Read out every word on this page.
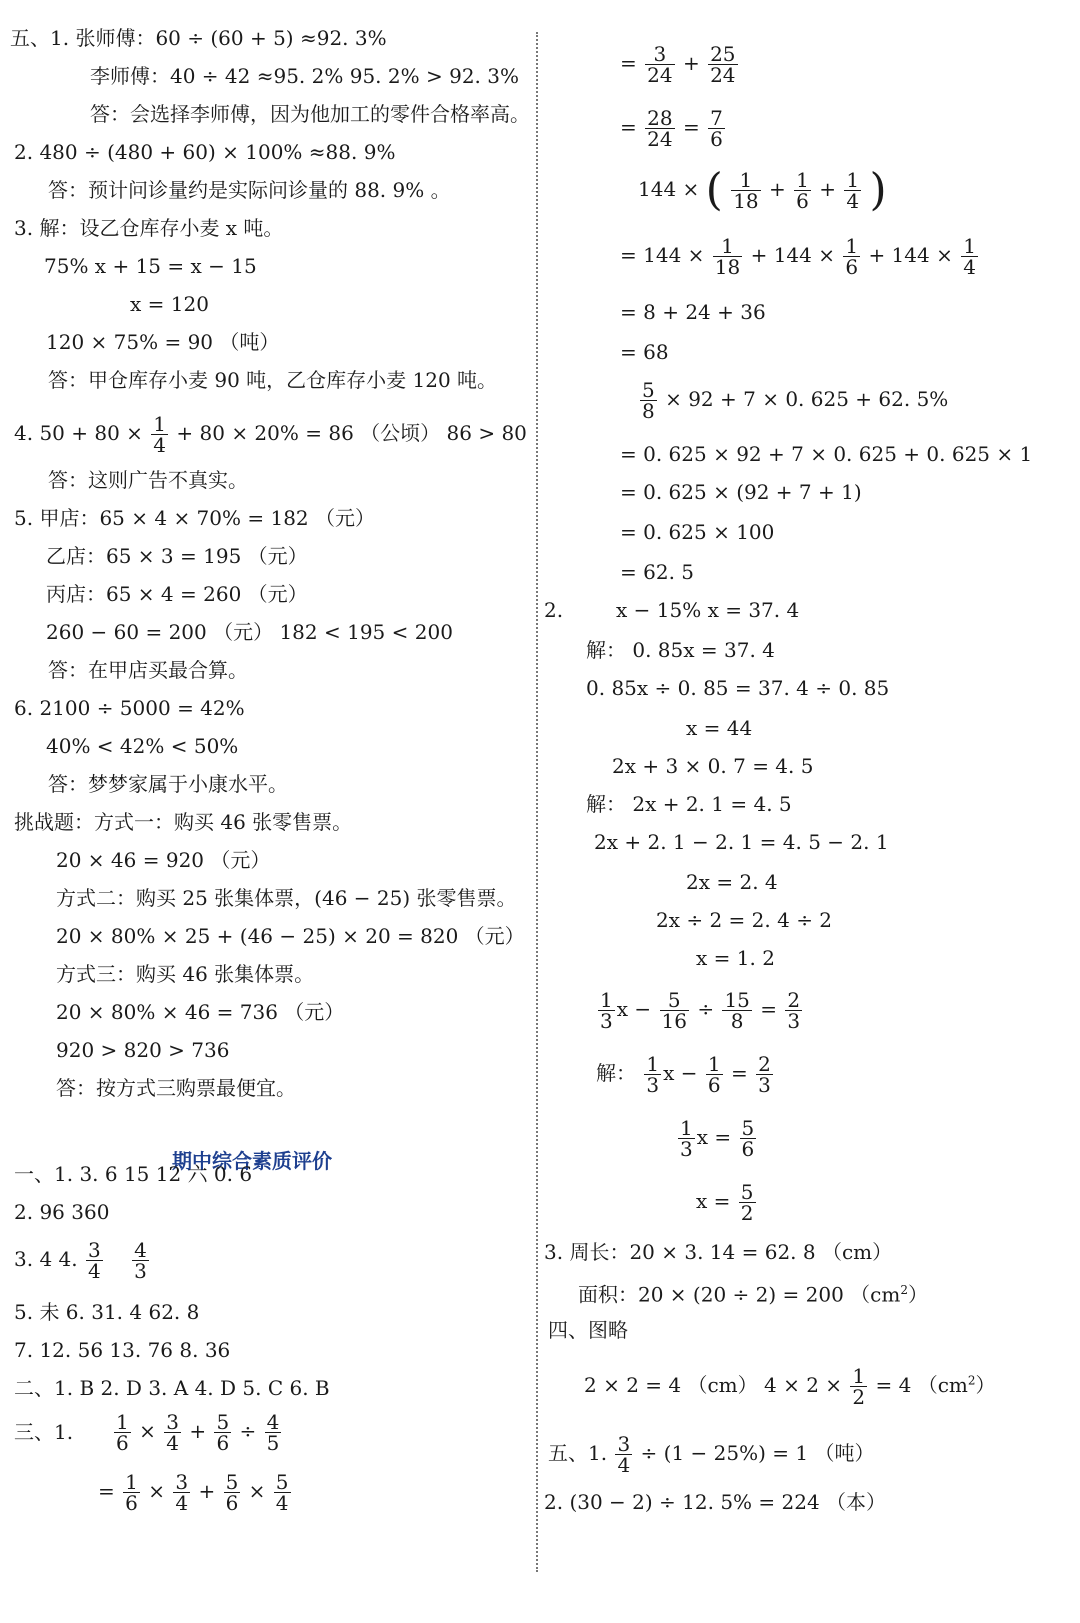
五、1. 张师傅：60 ÷ (60 + 5) ≈92. 3%
李师傅：40 ÷ 42 ≈95. 2% 95. 2% > 92. 3%
答：会选择李师傅，因为他加工的零件合格率高。
2. 480 ÷ (480 + 60) × 100% ≈88. 9%
答：预计问诊量约是实际问诊量的 88. 9% 。
3. 解：设乙仓库存小麦 x 吨。
75% x + 15 = x − 15
x = 120
120 × 75% = 90 （吨）
答：甲仓库存小麦 90 吨，乙仓库存小麦 120 吨。
4. $50 + 80 \times \frac{1}{4} + 80 \times 20\% = 86$ （公顷） 86 > 80
答：这则广告不真实。
5. 甲店：65 × 4 × 70% = 182 （元）
乙店：65 × 3 = 195 （元）
丙店：65 × 4 = 260 （元）
260 − 60 = 200 （元） 182 < 195 < 200
答：在甲店买最合算。
6. 2100 ÷ 5000 = 42%
40% < 42% < 50%
答：梦梦家属于小康水平。
挑战题：方式一：购买 46 张零售票。
20 × 46 = 920 （元）
方式二：购买 25 张集体票，(46 − 25) 张零售票。
20 × 80% × 25 + (46 − 25) × 20 = 820 （元）
方式三：购买 46 张集体票。
20 × 80% × 46 = 736 （元）
920 > 820 > 736
答：按方式三购票最便宜。
期中综合素质评价
一、1. 3. 6 15 12 六 0. 6
2. 96 360
3. 4 4. $\frac{3}{4}$
$\frac{4}{3}$
5. 未 6. 31. 4 62. 8
7. 12. 56 13. 76 8. 36
二、1. B 2. D 3. A 4. D 5. C 6. B
三、1. $\frac{1}{6} \times \frac{3}{4} + \frac{5}{6} \div \frac{4}{5}$
= $\frac{1}{6} \times \frac{3}{4} + \frac{5}{6} \times \frac{5}{4}$
= $\frac{3}{24} + \frac{25}{24}$
= $\frac{28}{24} = \frac{7}{6}$
144 × ( $\frac{1}{18} + \frac{1}{6} + \frac{1}{4}$ )
= $144 \times \frac{1}{18} + 144 \times \frac{1}{6} + 144 \times \frac{1}{4}$
= 8 + 24 + 36
= 68
$\frac{5}{8} \times 92 + 7 \times 0$. 625 + 62. 5%
= 0. 625 × 92 + 7 × 0. 625 + 0. 625 × 1
= 0. 625 × (92 + 7 + 1)
= 0. 625 × 100
= 62. 5
2.	x − 15% x = 37. 4
解： 0. 85x = 37. 4
0. 85x ÷ 0. 85 = 37. 4 ÷ 0. 85
x = 44
2x + 3 × 0. 7 = 4. 5
解： 2x + 2. 1 = 4. 5
2x + 2. 1 − 2. 1 = 4. 5 − 2. 1
2x = 2. 4
2x ÷ 2 = 2. 4 ÷ 2
x = 1. 2
$\frac{1}{3}$ $x - \frac{5}{16} \div \frac{15}{8} = \frac{2}{3}$
解： $\frac{1}{3}$ $x - \frac{1}{6} = \frac{2}{3}$
$\frac{1}{3}$ $x = \frac{5}{6}$
$x = \frac{5}{2}$
3. 周长：20 × 3. 14 = 62. 8 （cm）
面积：20 × (20 ÷ 2) = 200 $(cm^2)$
四、图略
2 × 2 = 4 （cm） $4 \times 2 \times \frac{1}{2} = 4$ $(cm^2)$
五、1. $\frac{3}{4} \div (1 - 25\%) = 1$ （吨）
2. (30 − 2) ÷ 12. 5% = 224 （本）
